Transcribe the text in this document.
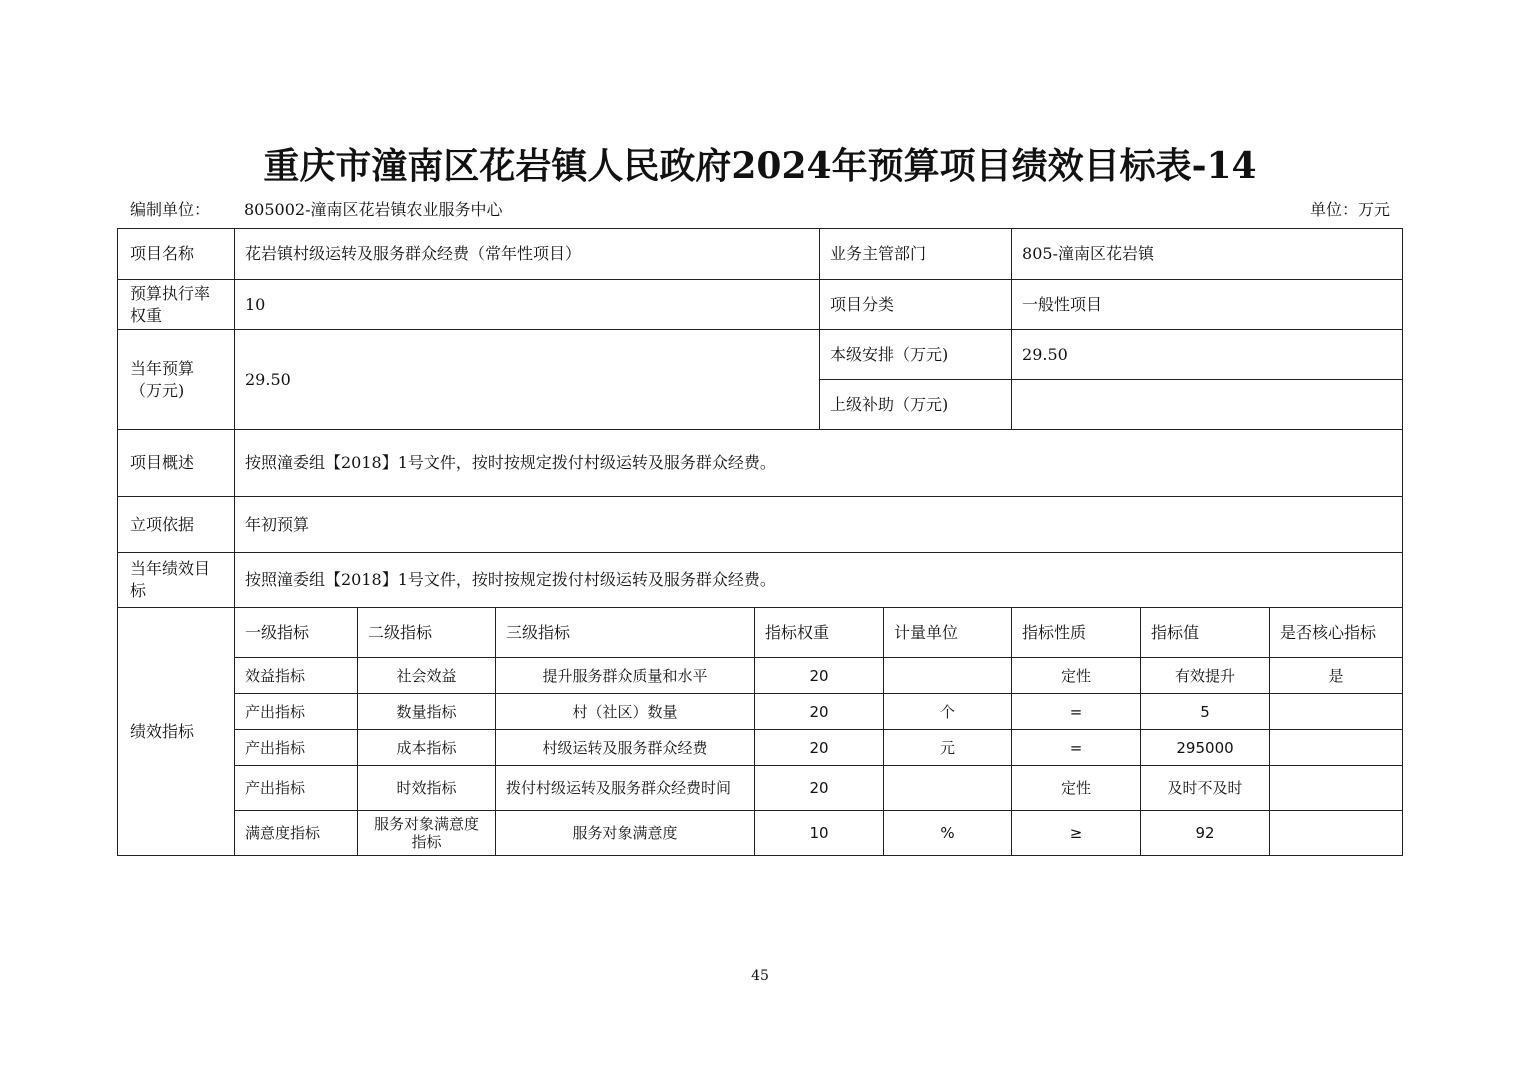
重庆市潼南区花岩镇人民政府2024年预算项目绩效目标表-14
编制单位： 805002-潼南区花岩镇农业服务中心	单位：万元
项目名称	花岩镇村级运转及服务群众经费（常年性项目）				业务主管部门		805-潼南区花岩镇		
预算执行率权重	10				项目分类		一般性项目		
当年预算（万元)	29.50				本级安排（万元)		29.50		
					上级补助（万元)				
项目概述	按照潼委组【2018】1号文件，按时按规定拨付村级运转及服务群众经费。								
立项依据	年初预算								
当年绩效目标	按照潼委组【2018】1号文件，按时按规定拨付村级运转及服务群众经费。								
绩效指标	一级指标	二级指标	三级指标	指标权重		计量单位	指标性质	指标值	是否核心指标
	效益指标	社会效益	提升服务群众质量和水平	20			定性	有效提升	是
	产出指标	数量指标	村（社区）数量	20		个	=	5	
	产出指标	成本指标	村级运转及服务群众经费	20		元	=	295000	
	产出指标	时效指标	拨付村级运转及服务群众经费时间	20			定性	及时不及时	
	满意度指标	服务对象满意度指标	服务对象满意度	10		%	≥	92	
45
